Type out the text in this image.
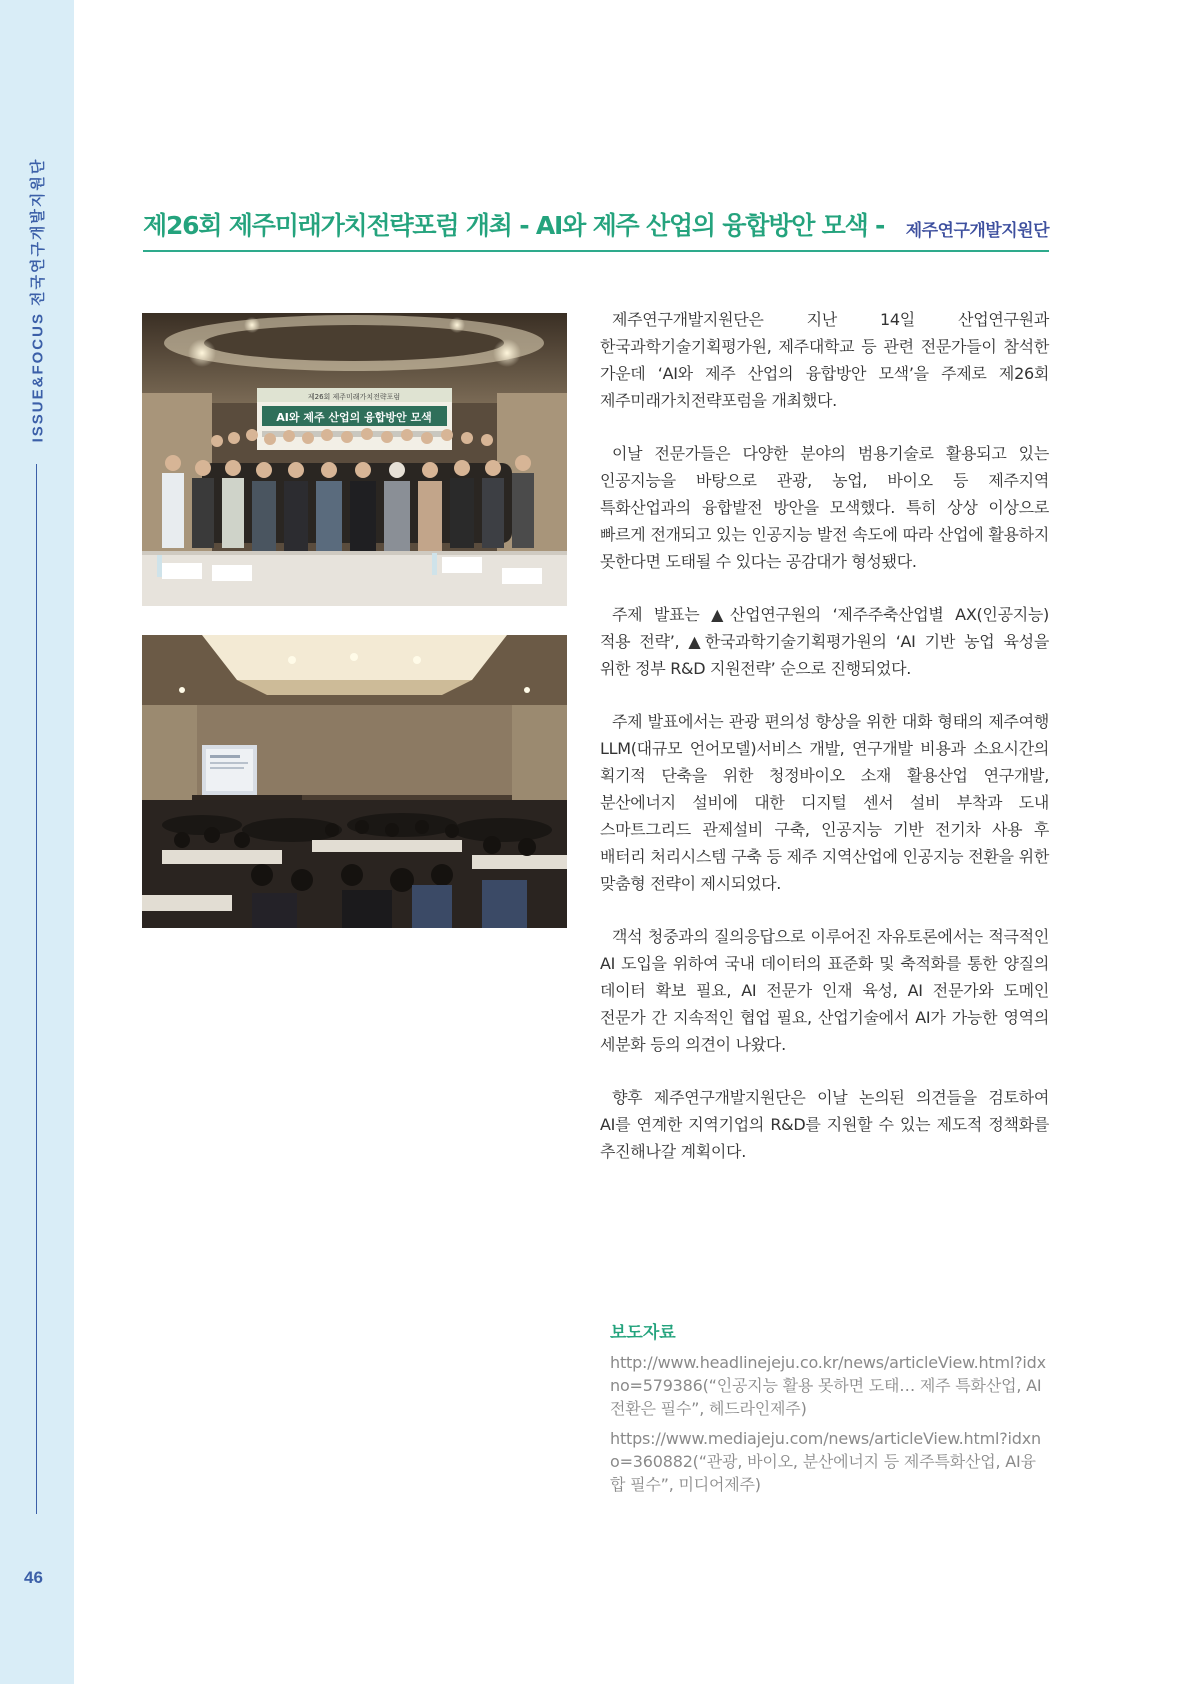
ISSUE&FOCUS전국연구개발지원단
46
제26회 제주미래가치전략포럼 개최 - AI와 제주 산업의 융합방안 모색 - 제주연구개발지원단
제26회 제주미래가치전략포럼
AI와 제주 산업의 융합방안 모색

제주연구개발지원단은 지난 14일 산업연구원과 한국과학기술기획평가원, 제주대학교 등 관련 전문가들이 참석한 가운데 ‘AI와 제주 산업의 융합방안 모색’을 주제로 제26회 제주미래가치전략포럼을 개최했다.

이날 전문가들은 다양한 분야의 범용기술로 활용되고 있는 인공지능을 바탕으로 관광, 농업, 바이오 등 제주지역 특화산업과의 융합발전 방안을 모색했다. 특히 상상 이상으로 빠르게 전개되고 있는 인공지능 발전 속도에 따라 산업에 활용하지 못한다면 도태될 수 있다는 공감대가 형성됐다.

주제 발표는 ▲산업연구원의 ‘제주주축산업별 AX(인공지능) 적용 전략’, ▲한국과학기술기획평가원의 ‘AI 기반 농업 육성을 위한 정부 R&D 지원전략’ 순으로 진행되었다.

주제 발표에서는 관광 편의성 향상을 위한 대화 형태의 제주여행 LLM(대규모 언어모델)서비스 개발, 연구개발 비용과 소요시간의 획기적 단축을 위한 청정바이오 소재 활용산업 연구개발, 분산에너지 설비에 대한 디지털 센서 설비 부착과 도내 스마트그리드 관제설비 구축, 인공지능 기반 전기차 사용 후 배터리 처리시스템 구축 등 제주 지역산업에 인공지능 전환을 위한 맞춤형 전략이 제시되었다.

객석 청중과의 질의응답으로 이루어진 자유토론에서는 적극적인 AI 도입을 위하여 국내 데이터의 표준화 및 축적화를 통한 양질의 데이터 확보 필요, AI 전문가 인재 육성, AI 전문가와 도메인 전문가 간 지속적인 협업 필요, 산업기술에서 AI가 가능한 영역의 세분화 등의 의견이 나왔다.

향후 제주연구개발지원단은 이날 논의된 의견들을 검토하여 AI를 연계한 지역기업의 R&D를 지원할 수 있는 제도적 정책화를 추진해나갈 계획이다.

보도자료
http://www.headlinejeju.co.kr/news/articleView.html?idxno=579386(“인공지능 활용 못하면 도태… 제주 특화산업, AI전환은 필수”, 헤드라인제주)
https://www.mediajeju.com/news/articleView.html?idxno=360882(“관광, 바이오, 분산에너지 등 제주특화산업, AI융합 필수”, 미디어제주)
